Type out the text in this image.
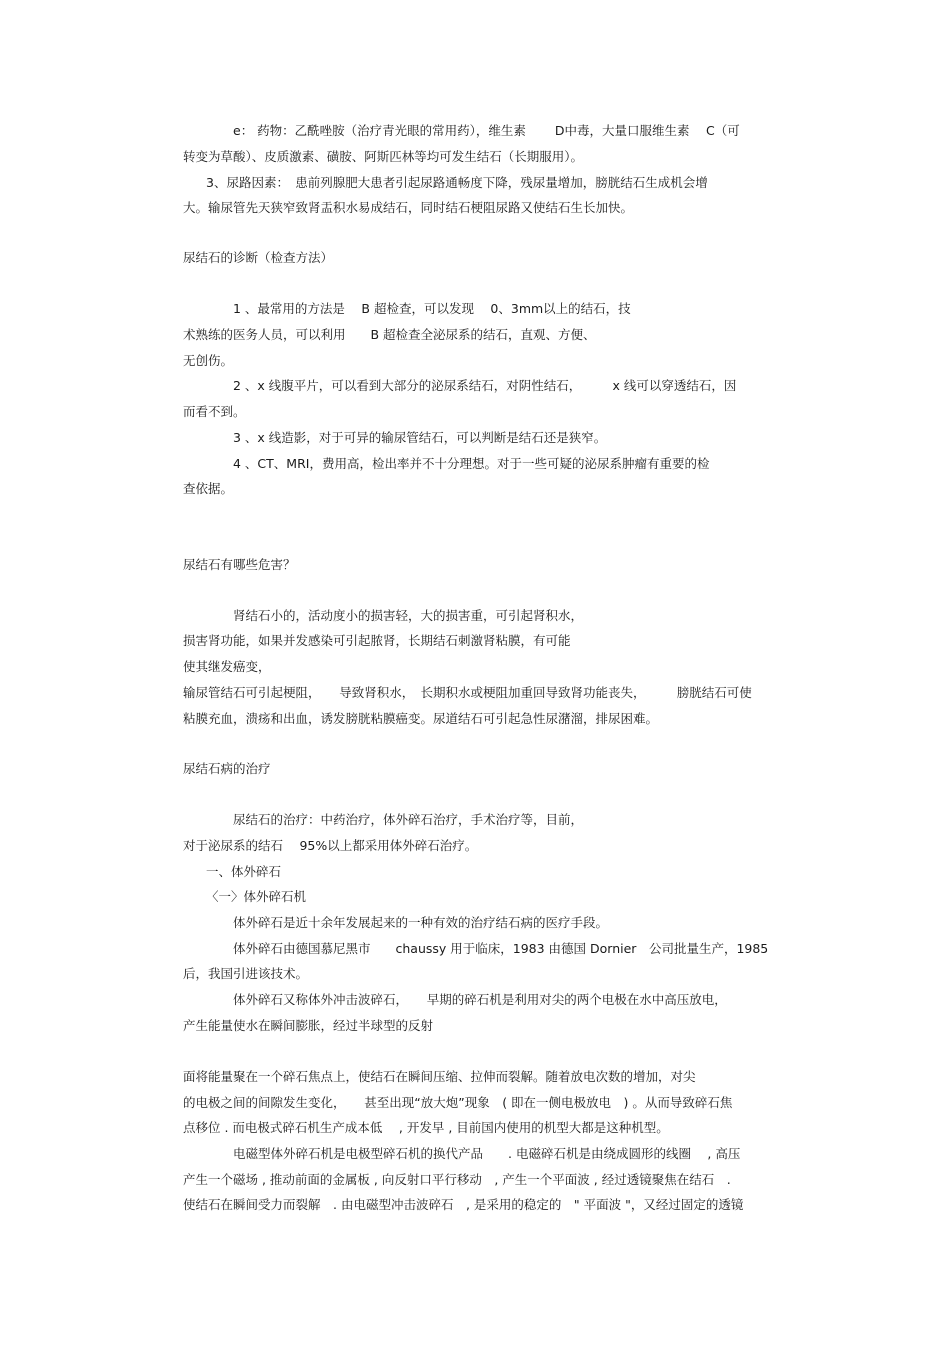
e： 药物：乙酰唑胺（治疗青光眼的常用药），维生素　　 D中毒，大量口服维生素　 C（可
转变为草酸）、皮质激素、磺胺、阿斯匹林等均可发生结石（长期服用）。
3、尿路因素：　患前列腺肥大患者引起尿路通畅度下降，残尿量增加，膀胱结石生成机会增
大。输尿管先天狭窄致肾盂积水易成结石，同时结石梗阻尿路又使结石生长加快。
尿结石的诊断（检查方法）
1 、最常用的方法是　 B 超检查，可以发现　 0、3mm以上的结石，技
术熟练的医务人员，可以利用　　B 超检查全泌尿系的结石，直观、方便、
无创伤。
2 、x 线腹平片，可以看到大部分的泌尿系结石，对阴性结石，　　　x 线可以穿透结石，因
而看不到。
3 、x 线造影，对于可异的输尿管结石，可以判断是结石还是狭窄。
4 、CT、MRI，费用高，检出率并不十分理想。对于一些可疑的泌尿系肿瘤有重要的检
查依据。
尿结石有哪些危害？
肾结石小的，活动度小的损害轻，大的损害重，可引起肾积水，
损害肾功能，如果并发感染可引起脓肾，长期结石刺激肾粘膜，有可能
使其继发癌变，
输尿管结石可引起梗阻，　　导致肾积水，　长期积水或梗阻加重回导致肾功能丧失，　　　膀胱结石可使
粘膜充血，溃疡和出血，诱发膀胱粘膜癌变。尿道结石可引起急性尿潴溜，排尿困难。
尿结石病的治疗
尿结石的治疗：中药治疗，体外碎石治疗，手术治疗等，目前，
对于泌尿系的结石　 95%以上都采用体外碎石治疗。
一、体外碎石
〈一〉体外碎石机
体外碎石是近十余年发展起来的一种有效的治疗结石病的医疗手段。
体外碎石由德国慕尼黑市　　chaussy 用于临床，1983 由德国 Dornier　公司批量生产，1985
后，我国引进该技术。
体外碎石又称体外冲击波碎石，　　早期的碎石机是利用对尖的两个电极在水中高压放电，
产生能量使水在瞬间膨胀，经过半球型的反射
面将能量聚在一个碎石焦点上，使结石在瞬间压缩、拉伸而裂解。随着放电次数的增加，对尖
的电极之间的间隙发生变化，　　甚至出现“放大炮”现象　( 即在一侧电极放电　) 。从而导致碎石焦
点移位 . 而电极式碎石机生产成本低　 , 开发早 , 目前国内使用的机型大都是这种机型。
电磁型体外碎石机是电极型碎石机的换代产品　　. 电磁碎石机是由绕成圆形的线圈　 , 高压
产生一个磁场 , 推动前面的金属板 , 向反射口平行移动　, 产生一个平面波 , 经过透镜聚焦在结石　.
使结石在瞬间受力而裂解　. 由电磁型冲击波碎石　, 是采用的稳定的　" 平面波 "，又经过固定的透镜
